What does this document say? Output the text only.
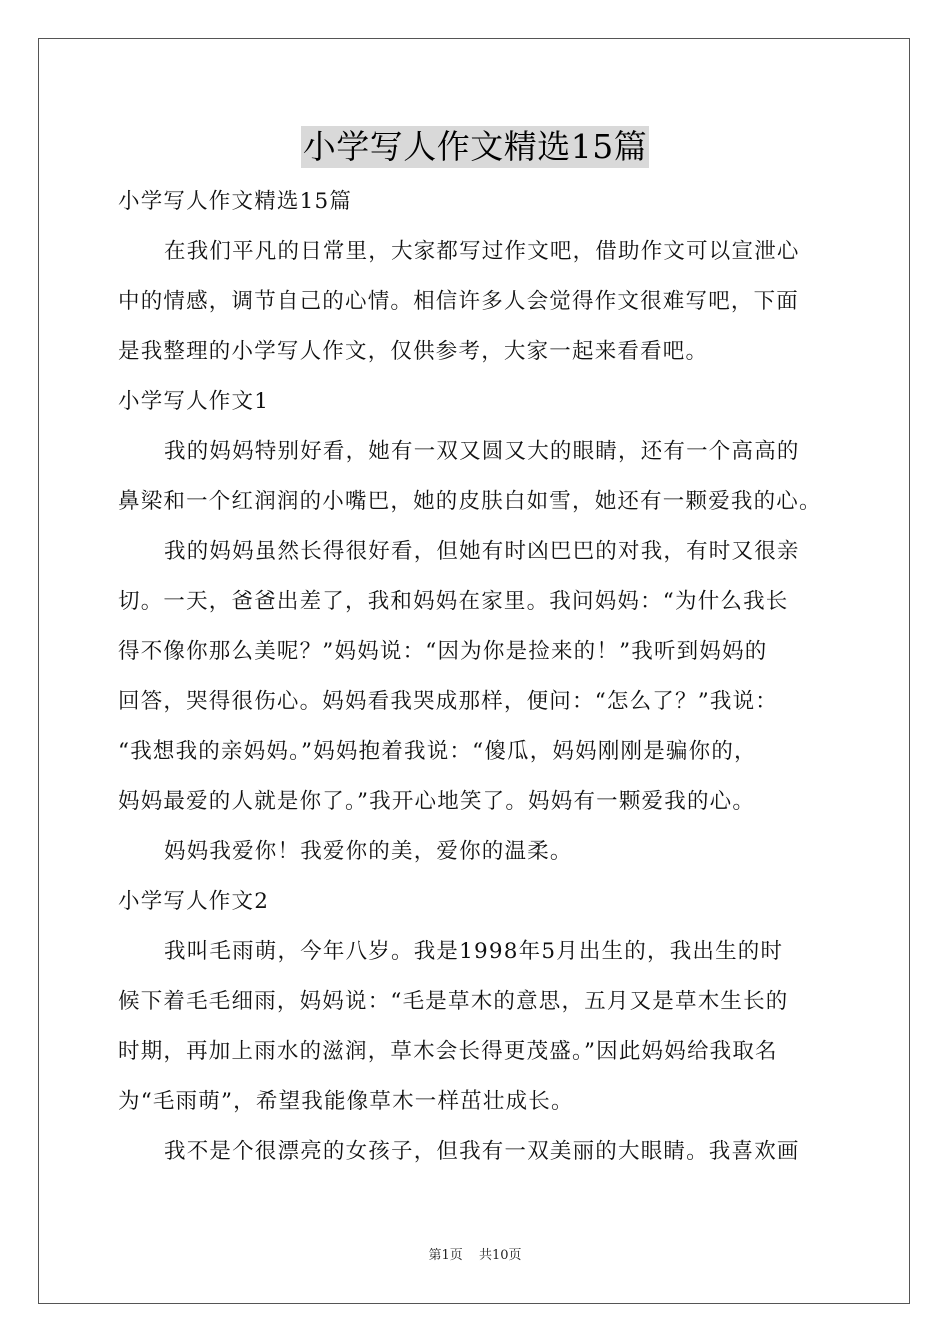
小学写人作文精选15篇
小学写人作文精选15篇
在我们平凡的日常里，大家都写过作文吧，借助作文可以宣泄心
中的情感，调节自己的心情。相信许多人会觉得作文很难写吧，下面
是我整理的小学写人作文，仅供参考，大家一起来看看吧。
小学写人作文1
我的妈妈特别好看，她有一双又圆又大的眼睛，还有一个高高的
鼻梁和一个红润润的小嘴巴，她的皮肤白如雪，她还有一颗爱我的心。
我的妈妈虽然长得很好看，但她有时凶巴巴的对我，有时又很亲
切。一天，爸爸出差了，我和妈妈在家里。我问妈妈：“为什么我长
得不像你那么美呢？”妈妈说：“因为你是捡来的！”我听到妈妈的
回答，哭得很伤心。妈妈看我哭成那样，便问：“怎么了？”我说：
“我想我的亲妈妈。”妈妈抱着我说：“傻瓜，妈妈刚刚是骗你的，
妈妈最爱的人就是你了。”我开心地笑了。妈妈有一颗爱我的心。
妈妈我爱你！我爱你的美，爱你的温柔。
小学写人作文2
我叫毛雨萌，今年八岁。我是1998年5月出生的，我出生的时
候下着毛毛细雨，妈妈说：“毛是草木的意思，五月又是草木生长的
时期，再加上雨水的滋润，草木会长得更茂盛。”因此妈妈给我取名
为“毛雨萌”，希望我能像草木一样茁壮成长。
我不是个很漂亮的女孩子，但我有一双美丽的大眼睛。我喜欢画
第1页 共10页
